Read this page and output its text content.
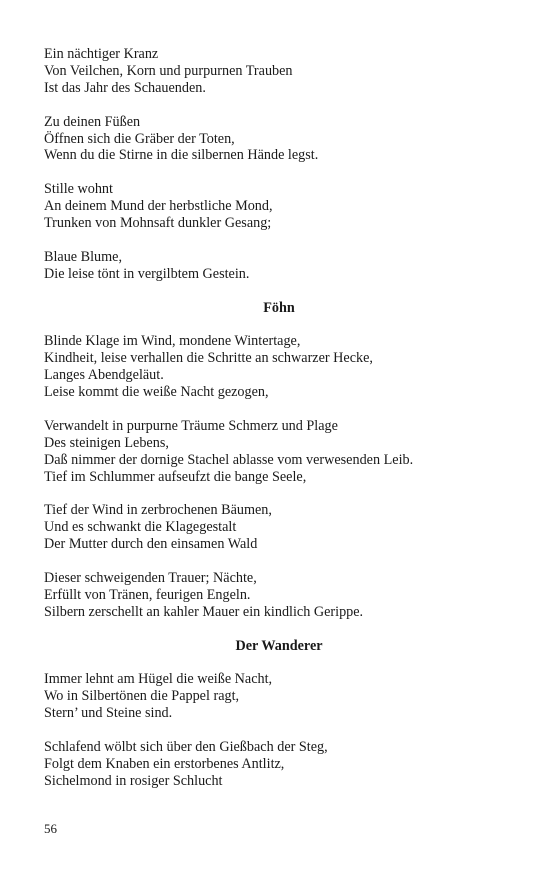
Ein nächtiger Kranz
Von Veilchen, Korn und purpurnen Trauben
Ist das Jahr des Schauenden.
Zu deinen Füßen
Öffnen sich die Gräber der Toten,
Wenn du die Stirne in die silbernen Hände legst.
Stille wohnt
An deinem Mund der herbstliche Mond,
Trunken von Mohnsaft dunkler Gesang;
Blaue Blume,
Die leise tönt in vergilbtem Gestein.
Föhn
Blinde Klage im Wind, mondene Wintertage,
Kindheit, leise verhallen die Schritte an schwarzer Hecke,
Langes Abendgeläut.
Leise kommt die weiße Nacht gezogen,
Verwandelt in purpurne Träume Schmerz und Plage
Des steinigen Lebens,
Daß nimmer der dornige Stachel ablasse vom verwesenden Leib.
Tief im Schlummer aufseufzt die bange Seele,
Tief der Wind in zerbrochenen Bäumen,
Und es schwankt die Klagegestalt
Der Mutter durch den einsamen Wald
Dieser schweigenden Trauer; Nächte,
Erfüllt von Tränen, feurigen Engeln.
Silbern zerschellt an kahler Mauer ein kindlich Gerippe.
Der Wanderer
Immer lehnt am Hügel die weiße Nacht,
Wo in Silbertönen die Pappel ragt,
Stern’ und Steine sind.
Schlafend wölbt sich über den Gießbach der Steg,
Folgt dem Knaben ein erstorbenes Antlitz,
Sichelmond in rosiger Schlucht
56
